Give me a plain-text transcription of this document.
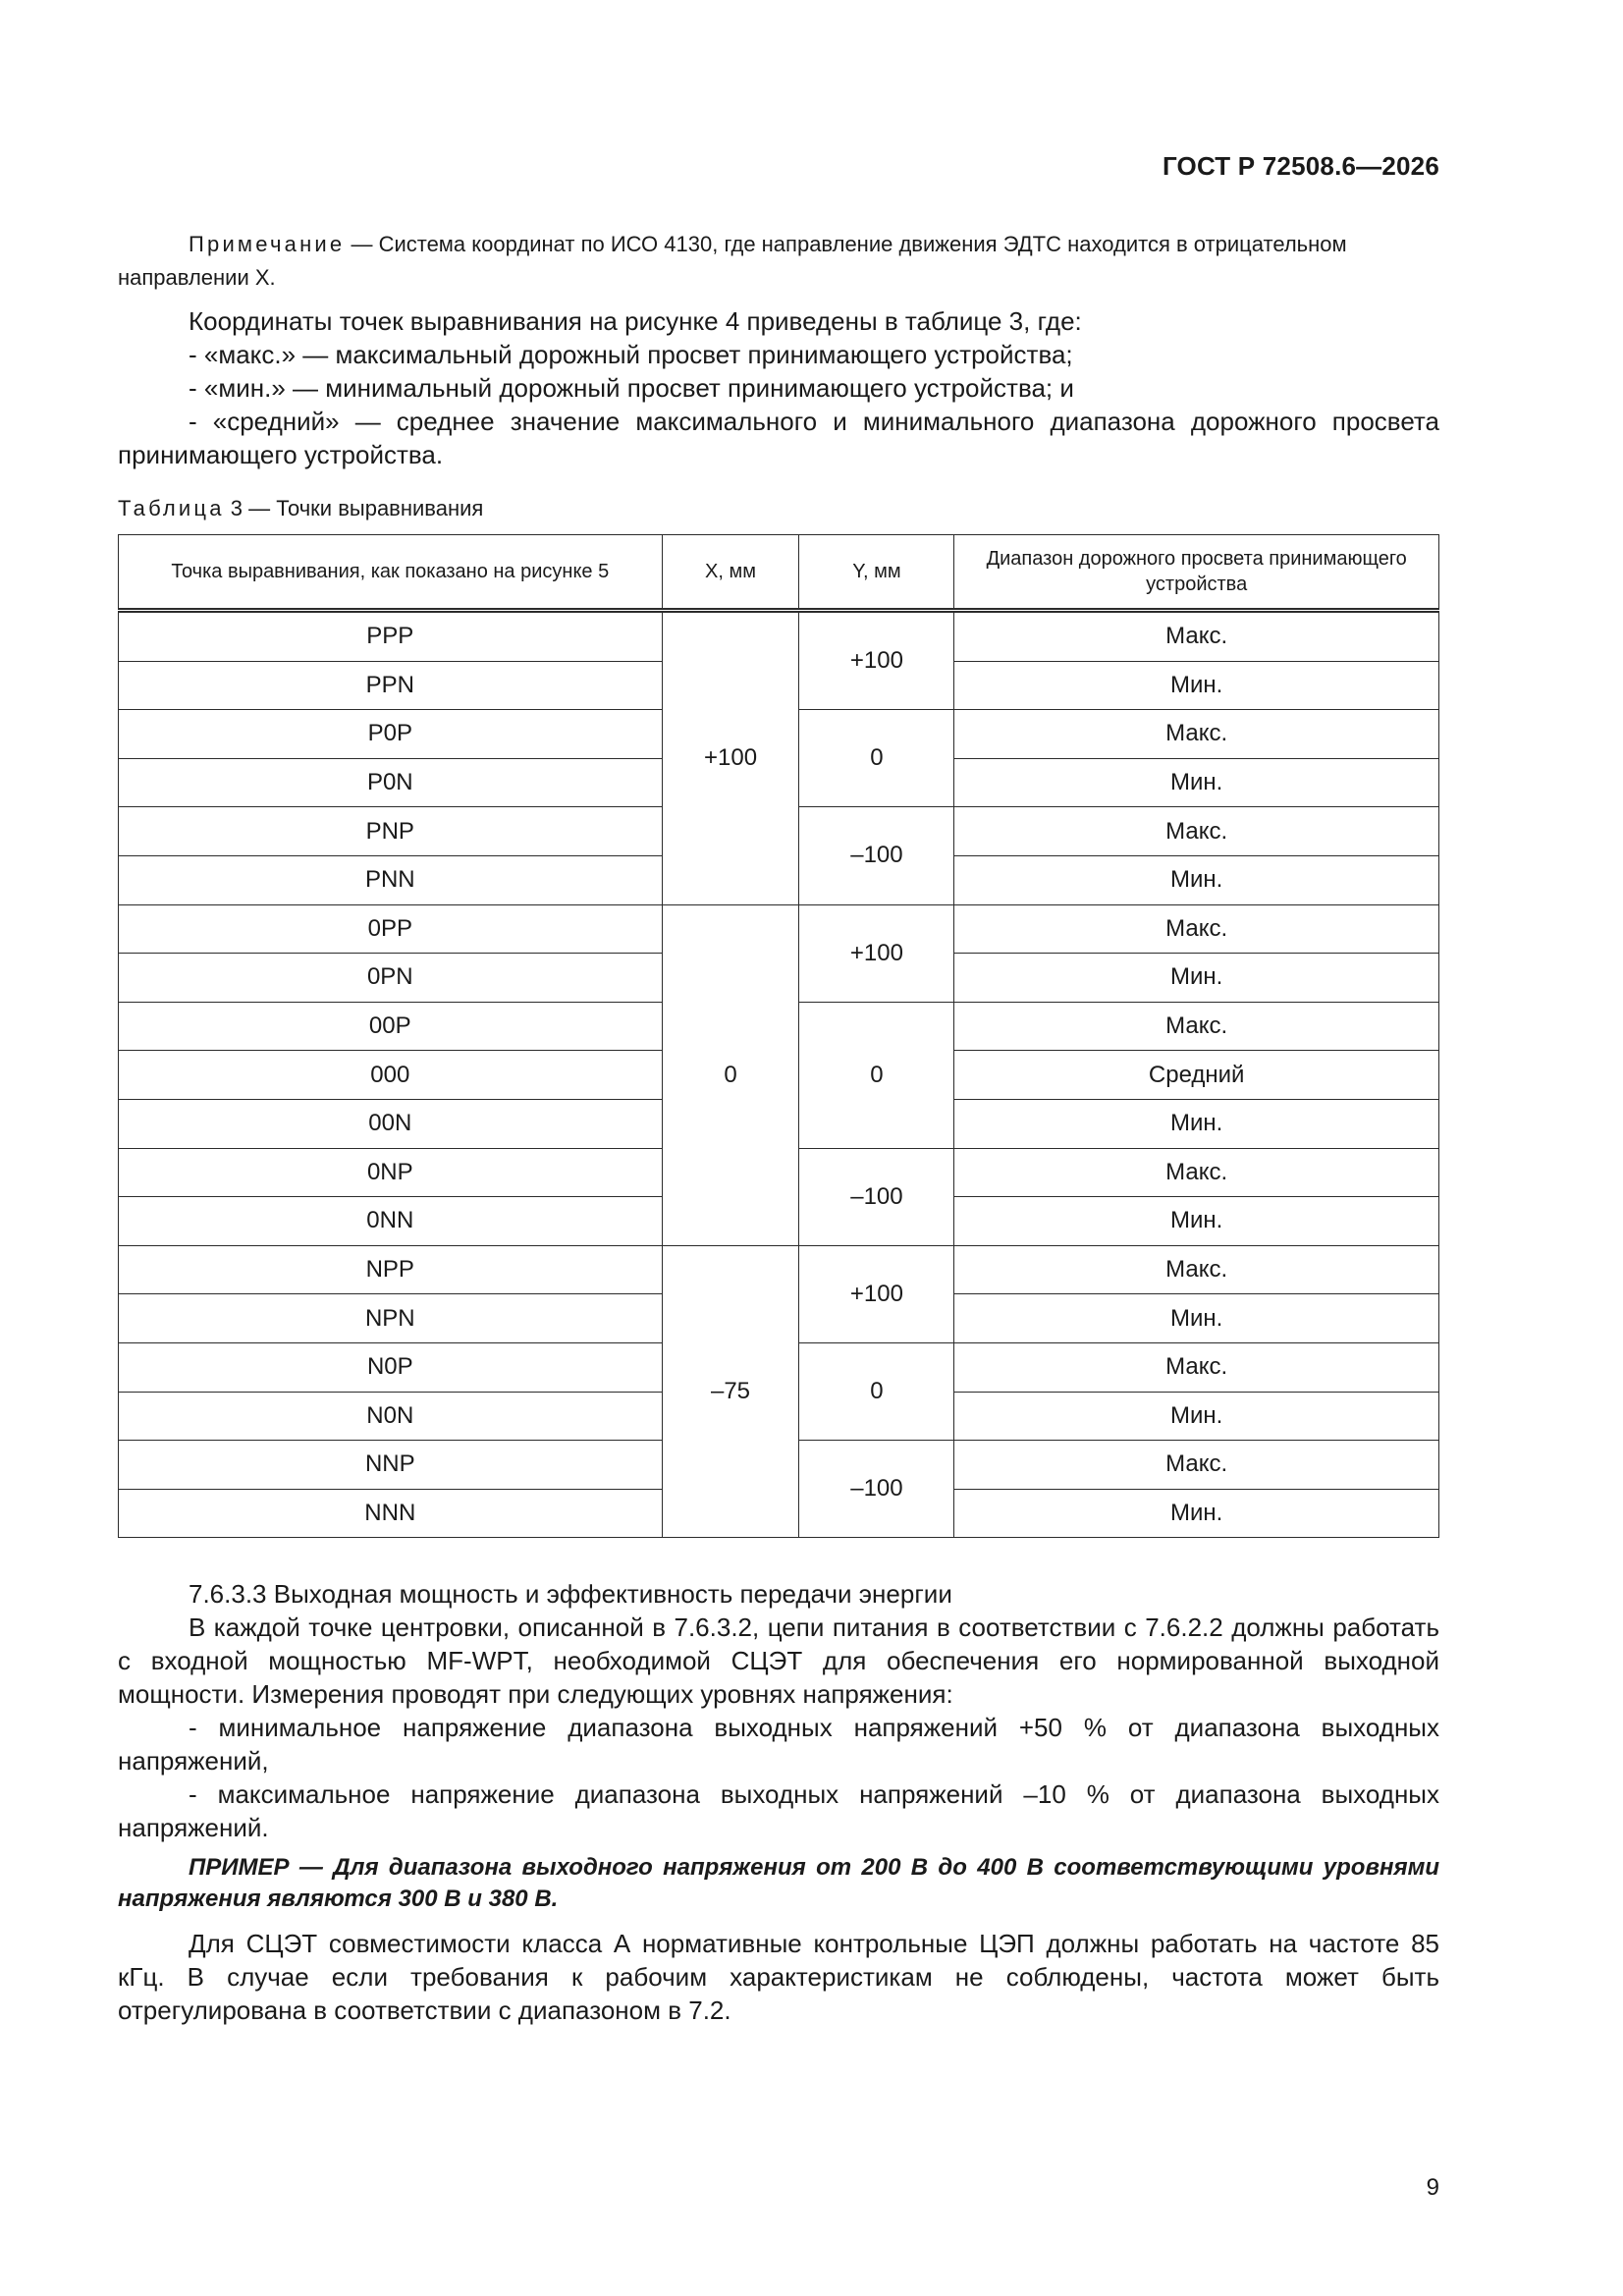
ГОСТ Р 72508.6—2026
Примечание — Система координат по ИСО 4130, где направление движения ЭДТС находится в отрицательном направлении X.

Координаты точек выравнивания на рисунке 4 приведены в таблице 3, где:

- «макс.» — максимальный дорожный просвет принимающего устройства;

- «мин.» — минимальный дорожный просвет принимающего устройства; и

- «средний» — среднее значение максимального и минимального диапазона дорожного просвета принимающего устройства.

Таблица 3 — Точки выравнивания
Точка выравнивания, как показано на рисунке 5	X, мм	Y, мм	Диапазон дорожного просвета принимающего устройства
PPP	+100	+100	Макс.
PPN			Мин.
P0P		0	Макс.
P0N			Мин.
PNP		–100	Макс.
PNN			Мин.
0PP	0	+100	Макс.
0PN			Мин.
00P		0	Макс.
000			Средний
00N			Мин.
0NP		–100	Макс.
0NN			Мин.
NPP	–75	+100	Макс.
NPN			Мин.
N0P		0	Макс.
N0N			Мин.
NNP		–100	Макс.
NNN			Мин.

7.6.3.3 Выходная мощность и эффективность передачи энергии

В каждой точке центровки, описанной в 7.6.3.2, цепи питания в соответствии с 7.6.2.2 должны работать с входной мощностью MF-WPT, необходимой СЦЭТ для обеспечения его нормированной выходной мощности. Измерения проводят при следующих уровнях напряжения:

- минимальное напряжение диапазона выходных напряжений +50 % от диапазона выходных напряжений,

- максимальное напряжение диапазона выходных напряжений –10 % от диапазона выходных напряжений.

ПРИМЕР — Для диапазона выходного напряжения от 200 В до 400 В соответствующими уровнями напряжения являются 300 В и 380 В.

Для СЦЭТ совместимости класса А нормативные контрольные ЦЭП должны работать на частоте 85 кГц. В случае если требования к рабочим характеристикам не соблюдены, частота может быть отрегулирована в соответствии с диапазоном в 7.2.

9
